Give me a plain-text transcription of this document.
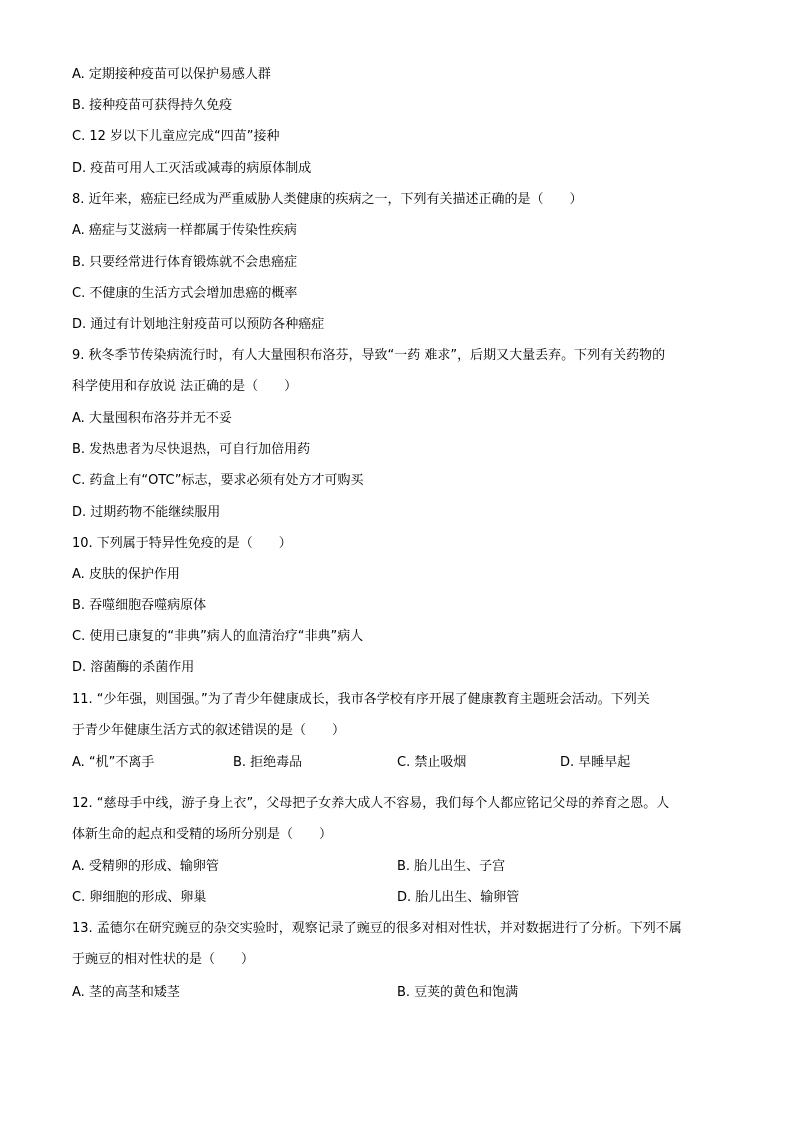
A. 定期接种疫苗可以保护易感人群
B. 接种疫苗可获得持久免疫
C. 12 岁以下儿童应完成“四苗”接种
D. 疫苗可用人工灭活或减毒的病原体制成
8. 近年来，癌症已经成为严重威胁人类健康的疾病之一，下列有关描述正确的是（　　）
A. 癌症与艾滋病一样都属于传染性疾病
B. 只要经常进行体育锻炼就不会患癌症
C. 不健康的生活方式会增加患癌的概率
D. 通过有计划地注射疫苗可以预防各种癌症
9. 秋冬季节传染病流行时，有人大量囤积布洛芬，导致“一药 难求”，后期又大量丢弃。下列有关药物的
科学使用和存放说 法正确的是（　　）
A. 大量囤积布洛芬并无不妥
B. 发热患者为尽快退热，可自行加倍用药
C. 药盒上有“OTC”标志，要求必须有处方才可购买
D. 过期药物不能继续服用
10. 下列属于特异性免疫的是（　　）
A. 皮肤的保护作用
B. 吞噬细胞吞噬病原体
C. 使用已康复的“非典”病人的血清治疗“非典”病人
D. 溶菌酶的杀菌作用
11. “少年强，则国强。”为了青少年健康成长，我市各学校有序开展了健康教育主题班会活动。下列关
于青少年健康生活方式的叙述错误的是（　　）
A. “机”不离手	B. 拒绝毒品	C. 禁止吸烟	D. 早睡早起
12. “慈母手中线，游子身上衣”，父母把子女养大成人不容易，我们每个人都应铭记父母的养育之恩。人
体新生命的起点和受精的场所分别是（　　）
A. 受精卵的形成、输卵管	B. 胎儿出生、子宫
C. 卵细胞的形成、卵巢	D. 胎儿出生、输卵管
13. 孟德尔在研究豌豆的杂交实验时，观察记录了豌豆的很多对相对性状，并对数据进行了分析。下列不属
于豌豆的相对性状的是（　　）
A. 茎的高茎和矮茎	B. 豆荚的黄色和饱满
